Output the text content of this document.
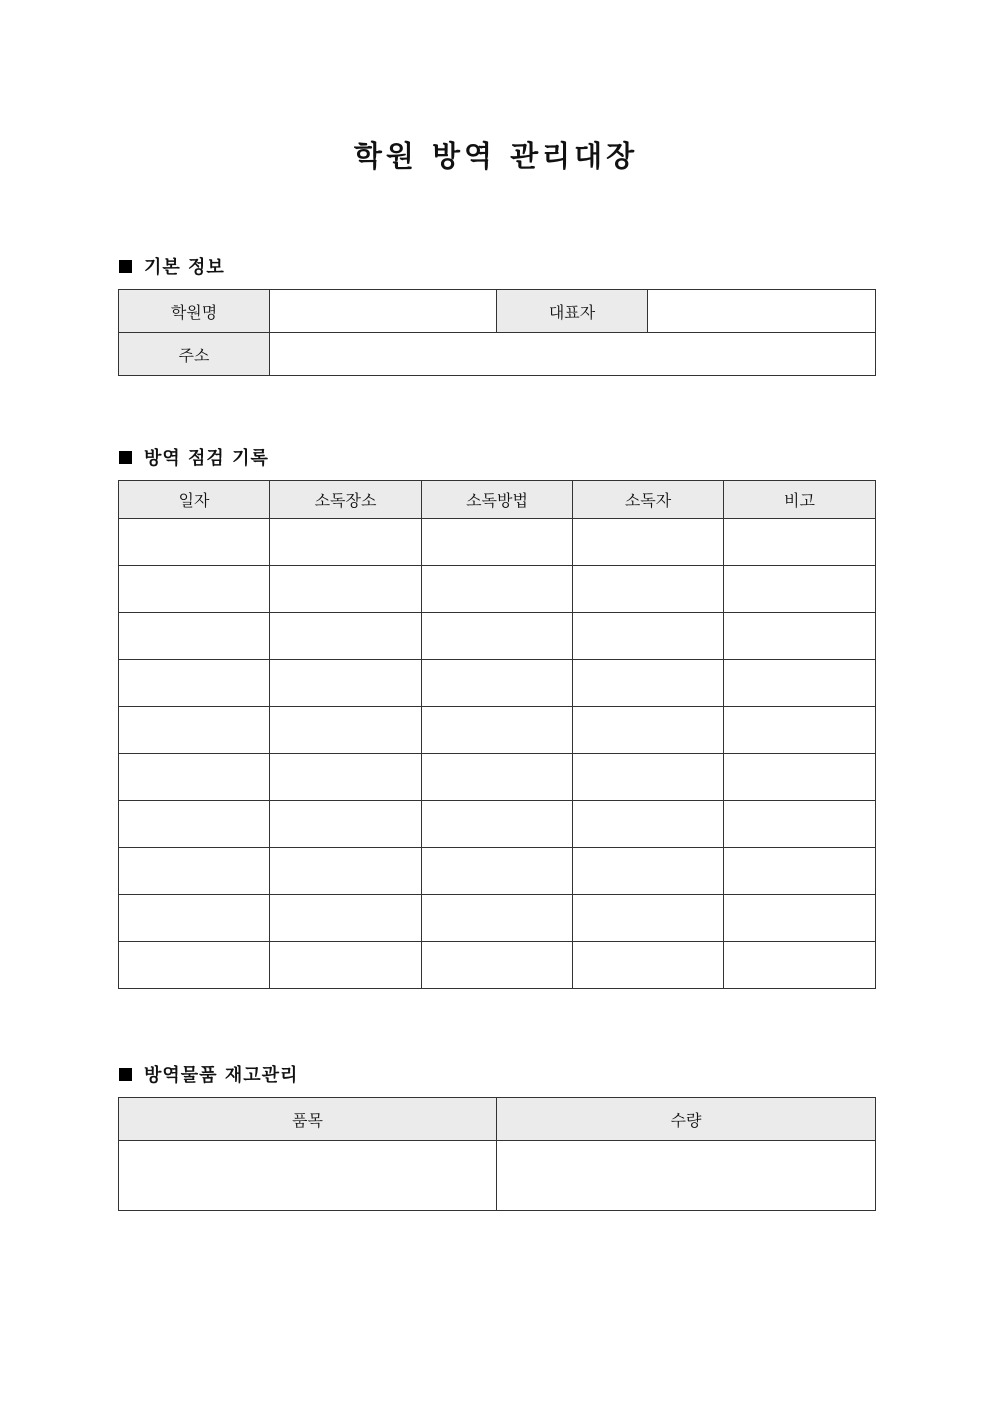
학원 방역 관리대장
기본 정보
학원명		대표자	
주소			
방역 점검 기록
일자	소독장소	소독방법	소독자	비고

방역물품 재고관리
품목	수량
